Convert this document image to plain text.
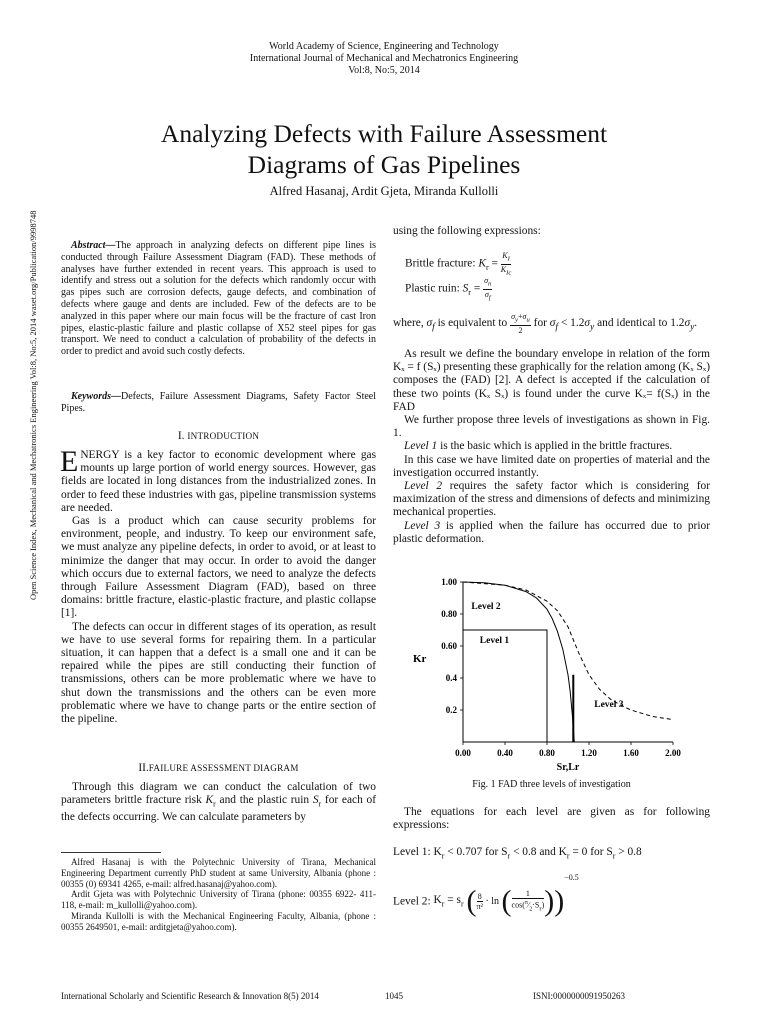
World Academy of Science, Engineering and Technology
International Journal of Mechanical and Mechatronics Engineering
Vol:8, No:5, 2014
Open Science Index, Mechanical and Mechatronics Engineering Vol:8, No:5, 2014 waset.org/Publication/9998748
Analyzing Defects with Failure Assessment
Diagrams of Gas Pipelines
Alfred Hasanaj, Ardit Gjeta, Miranda Kullolli
 Abstract—The approach in analyzing defects on different pipe lines is conducted through Failure Assessment Diagram (FAD). These methods of analyses have further extended in recent years. This approach is used to identify and stress out a solution for the defects which randomly occur with gas pipes such are corrosion defects, gauge defects, and combination of defects where gauge and dents are included. Few of the defects are to be analyzed in this paper where our main focus will be the fracture of cast Iron pipes, elastic-plastic failure and plastic collapse of X52 steel pipes for gas transport. We need to conduct a calculation of probability of the defects in order to predict and avoid such costly defects.
 Keywords—Defects, Failure Assessment Diagrams, Safety Factor Steel Pipes.
I. INTRODUCTION

ENERGY is a key factor to economic development where gas mounts up large portion of world energy sources. However, gas fields are located in long distances from the industrialized zones. In order to feed these industries with gas, pipeline transmission systems are needed.

Gas is a product which can cause security problems for environment, people, and industry. To keep our environment safe, we must analyze any pipeline defects, in order to avoid, or at least to minimize the danger that may occur. In order to avoid the danger which occurs due to external factors, we need to analyze the defects through Failure Assessment Diagram (FAD), based on three domains: brittle fracture, elastic-plastic fracture, and plastic collapse [1].

The defects can occur in different stages of its operation, as result we have to use several forms for repairing them. In a particular situation, it can happen that a defect is a small one and it can be repaired while the pipes are still conducting their function of transmissions, others can be more problematic where we have to shut down the transmissions and the others can be even more problematic where we have to change parts or the entire section of the pipeline.

II.FAILURE ASSESSMENT DIAGRAM

Through this diagram we can conduct the calculation of two parameters brittle fracture risk $K_r$ and the plastic ruin $S_r$ for each of the defects occurring. We can calculate parameters by

Alfred Hasanaj is with the Polytechnic University of Tirana, Mechanical Engineering Department currently PhD student at same University, Albania (phone : 00355 (0) 69341 4265, e-mail: alfred.hasanaj@yahoo.com).

Ardit Gjeta was with Polytechnic University of Tirana (phone: 00355 6922- 411-118, e-mail: m_kullolli@yahoo.com).

Miranda Kullolli is with the Mechanical Engineering Faculty, Albania, (phone : 00355 2649501, e-mail: arditgjeta@yahoo.com).

using the following expressions:
Brittle fracture: $K_r = \frac{K_I}{K_{Ic}}$
Plastic ruin: $S_r = \frac{\sigma_n}{\sigma_f}$
where, $\sigma_f$ is equivalent to $\frac{\sigma_y+\sigma_u}{2}$ for $\sigma_f < 1.2\sigma_y$ and identical to $1.2\sigma_y$.

As result we define the boundary envelope in relation of the form Kₓ = f (Sₓ) presenting these graphically for the relation among (Kₓ Sₓ) composes the (FAD) [2]. A defect is accepted if the calculation of these two points (Kₓ Sₓ) is found under the curve Kₓ= f(Sₓ) in the FAD

We further propose three levels of investigations as shown in Fig. 1.

Level 1 is the basic which is applied in the brittle fractures.

In this case we have limited date on properties of material and the investigation occurred instantly.

Level 2 requires the safety factor which is considering for maximization of the stress and dimensions of defects and minimizing mechanical properties.

Level 3 is applied when the failure has occurred due to prior plastic deformation.

1.00
0.80
0.60
0.4
0.2
0.00	0.40	0.80	1.20	1.60	2.00
Sr,Lr
Kr
Level 2
Level 1
Level 3
Fig. 1 FAD three levels of investigation

The equations for each level are given as for following expressions:

Level 1: $K_r < 0.707$ for $S_r < 0.8$ and $K_r = 0$ for $S_r > 0.8$
Level 2: $K_r = s_r$ ( $\frac{8}{\text{π²}} \cdot \ln$ ( $\frac{1}{\cos(^\pi⁄_2\cdot S_r)} ))^{-0.5}$
International Scholarly and Scientific Research & Innovation 8(5) 2014	1045	ISNI:0000000091950263
